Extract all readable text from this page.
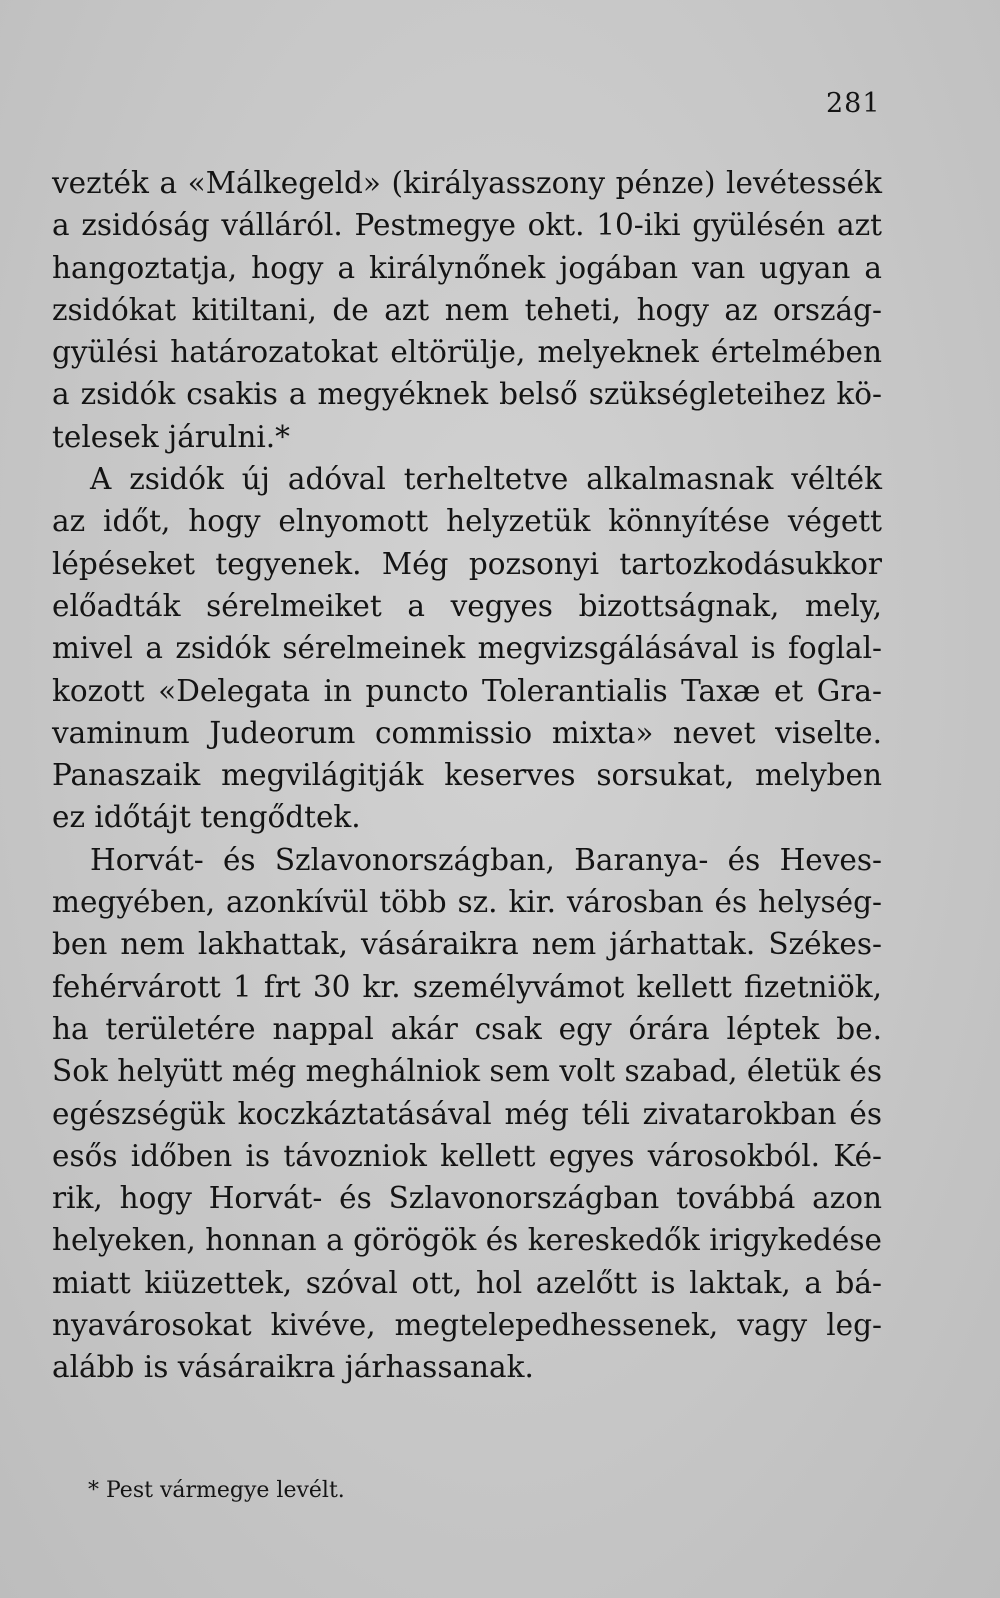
281
vezték a «Málkegeld» (királyasszony pénze) levétessék
a zsidóság válláról. Pestmegye okt. 10-iki gyülésén azt
hangoztatja, hogy a királynőnek jogában van ugyan a
zsidókat kitiltani, de azt nem teheti, hogy az ország-
gyülési határozatokat eltörülje, melyeknek értelmében
a zsidók csakis a megyéknek belső szükségleteihez kö-
telesek járulni.*
A zsidók új adóval terheltetve alkalmasnak vélték
az időt, hogy elnyomott helyzetük könnyítése végett
lépéseket tegyenek. Még pozsonyi tartozkodásukkor
előadták sérelmeiket a vegyes bizottságnak, mely,
mivel a zsidók sérelmeinek megvizsgálásával is foglal-
kozott «Delegata in puncto Tolerantialis Taxæ et Gra-
vaminum Judeorum commissio mixta» nevet viselte.
Panaszaik megvilágitják keserves sorsukat, melyben
ez időtájt tengődtek.
Horvát- és Szlavonországban, Baranya- és Heves-
megyében, azonkívül több sz. kir. városban és helység-
ben nem lakhattak, vásáraikra nem járhattak. Székes-
fehérvárott 1 frt 30 kr. személyvámot kellett fizetniök,
ha területére nappal akár csak egy órára léptek be.
Sok helyütt még meghálniok sem volt szabad, életük és
egészségük koczkáztatásával még téli zivatarokban és
esős időben is távozniok kellett egyes városokból. Ké-
rik, hogy Horvát- és Szlavonországban továbbá azon
helyeken, honnan a görögök és kereskedők irigykedése
miatt kiüzettek, szóval ott, hol azelőtt is laktak, a bá-
nyavárosokat kivéve, megtelepedhessenek, vagy leg-
alább is vásáraikra járhassanak.
* Pest vármegye levélt.
